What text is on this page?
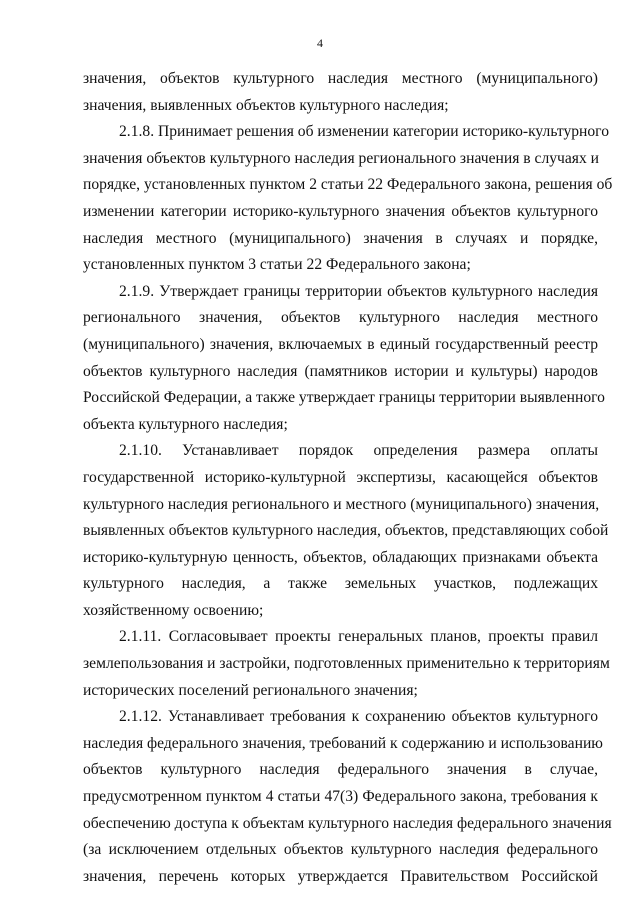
4

значения, объектов культурного наследия местного (муниципального)
значения, выявленных объектов культурного наследия;

2.1.8. Принимает решения об изменении категории историко-культурного
значения объектов культурного наследия регионального значения в случаях и
порядке, установленных пунктом 2 статьи 22 Федерального закона, решения об
изменении категории историко-культурного значения объектов культурного
наследия местного (муниципального) значения в случаях и порядке,
установленных пунктом 3 статьи 22 Федерального закона;

2.1.9. Утверждает границы территории объектов культурного наследия
регионального значения, объектов культурного наследия местного
(муниципального) значения, включаемых в единый государственный реестр
объектов культурного наследия (памятников истории и культуры) народов
Российской Федерации, а также утверждает границы территории выявленного
объекта культурного наследия;

2.1.10. Устанавливает порядок определения размера оплаты
государственной историко-культурной экспертизы, касающейся объектов
культурного наследия регионального и местного (муниципального) значения,
выявленных объектов культурного наследия, объектов, представляющих собой
историко-культурную ценность, объектов, обладающих признаками объекта
культурного наследия, а также земельных участков, подлежащих
хозяйственному освоению;

2.1.11. Согласовывает проекты генеральных планов, проекты правил
землепользования и застройки, подготовленных применительно к территориям
исторических поселений регионального значения;

2.1.12. Устанавливает требования к сохранению объектов культурного
наследия федерального значения, требований к содержанию и использованию
объектов культурного наследия федерального значения в случае,
предусмотренном пунктом 4 статьи 47(3) Федерального закона, требования к
обеспечению доступа к объектам культурного наследия федерального значения
(за исключением отдельных объектов культурного наследия федерального
значения, перечень которых утверждается Правительством Российской
